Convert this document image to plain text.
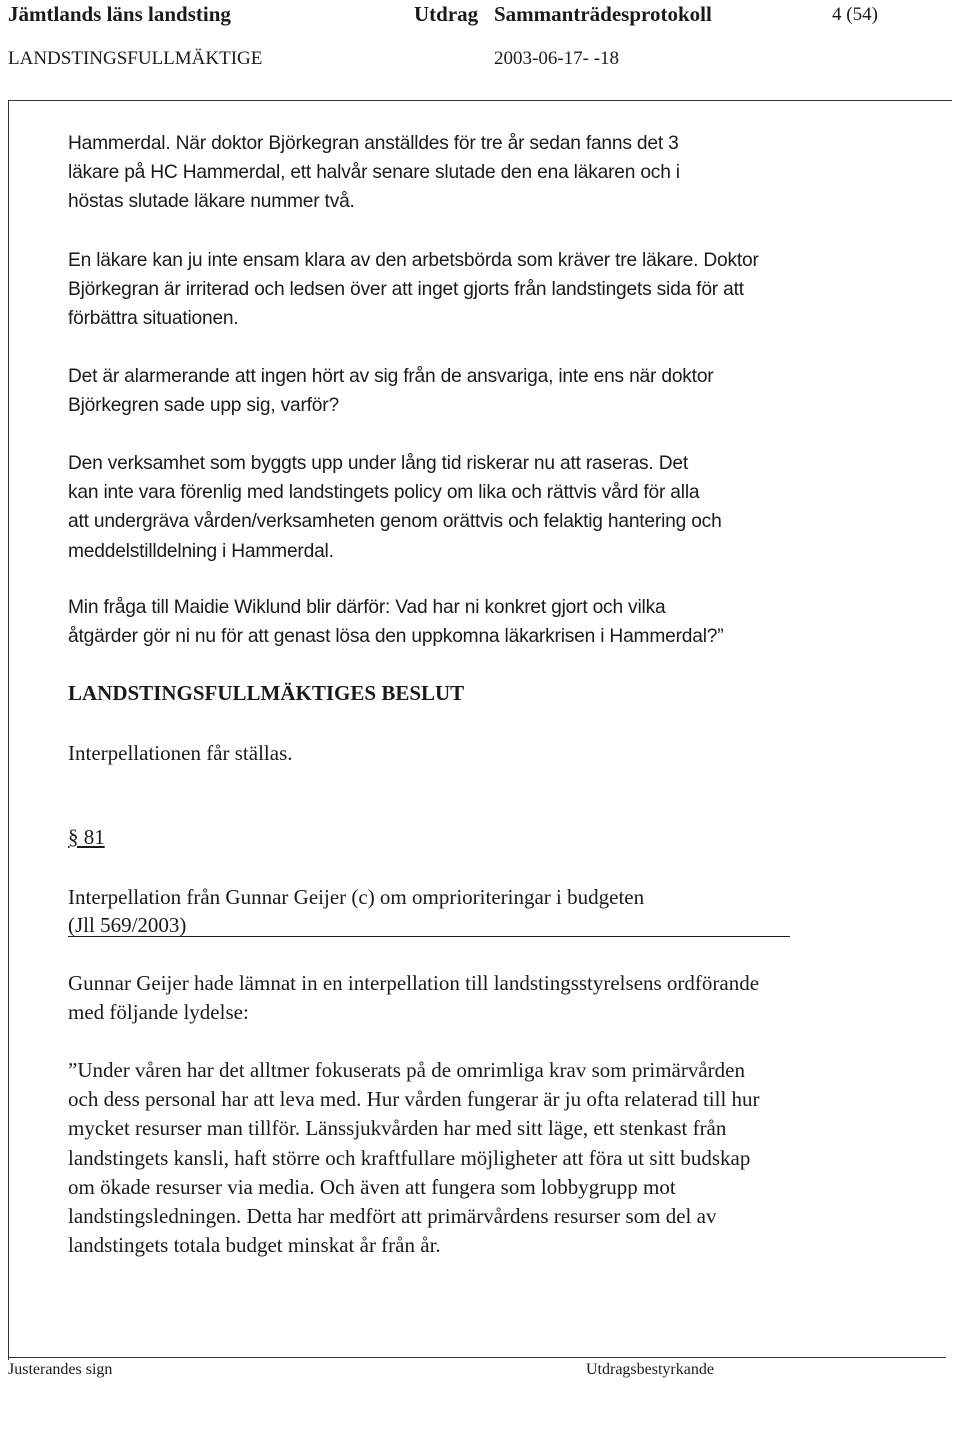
Jämtlands läns landsting	Utdrag Sammanträdesprotokoll	4 (54)
LANDSTINGSFULLMÄKTIGE	2003-06-17- -18

Hammerdal. När doktor Björkegran anställdes för tre år sedan fanns det 3
läkare på HC Hammerdal, ett halvår senare slutade den ena läkaren och i
höstas slutade läkare nummer två.

En läkare kan ju inte ensam klara av den arbetsbörda som kräver tre läkare. Doktor
Björkegran är irriterad och ledsen över att inget gjorts från landstingets sida för att
förbättra situationen.

Det är alarmerande att ingen hört av sig från de ansvariga, inte ens när doktor
Björkegren sade upp sig, varför?

Den verksamhet som byggts upp under lång tid riskerar nu att raseras. Det
kan inte vara förenlig med landstingets policy om lika och rättvis vård för alla
att undergräva vården/verksamheten genom orättvis och felaktig hantering och
meddelstilldelning i Hammerdal.

Min fråga till Maidie Wiklund blir därför: Vad har ni konkret gjort och vilka
åtgärder gör ni nu för att genast lösa den uppkomna läkarkrisen i Hammerdal?”

LANDSTINGSFULLMÄKTIGES BESLUT
Interpellationen får ställas.
§ 81
Interpellation från Gunnar Geijer (c) om omprioriteringar i budgeten
(Jll 569/2003)

Gunnar Geijer hade lämnat in en interpellation till landstingsstyrelsens ordförande
med följande lydelse:

”Under våren har det alltmer fokuserats på de omrimliga krav som primärvården
och dess personal har att leva med. Hur vården fungerar är ju ofta relaterad till hur
mycket resurser man tillför. Länssjukvården har med sitt läge, ett stenkast från
landstingets kansli, haft större och kraftfullare möjligheter att föra ut sitt budskap
om ökade resurser via media. Och även att fungera som lobbygrupp mot
landstingsledningen. Detta har medfört att primärvårdens resurser som del av
landstingets totala budget minskat år från år.

Justerandes sign	Utdragsbestyrkande
